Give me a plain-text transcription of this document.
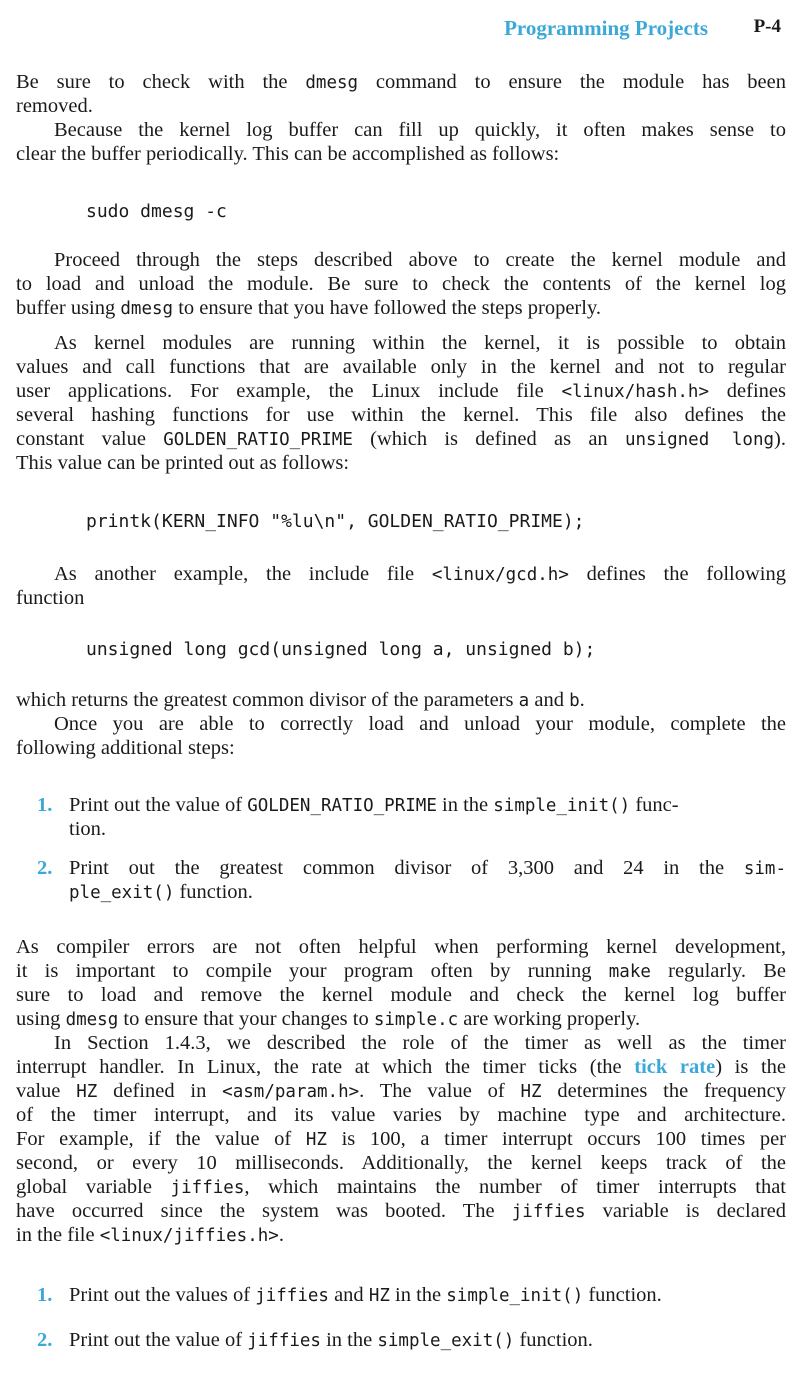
Programming Projects P-4
Be sure to check with the dmesg command to ensure the module has been
removed.
Because the kernel log buffer can fill up quickly, it often makes sense to
clear the buffer periodically. This can be accomplished as follows:
sudo dmesg -c
Proceed through the steps described above to create the kernel module and
to load and unload the module. Be sure to check the contents of the kernel log
buffer using dmesg to ensure that you have followed the steps properly.
As kernel modules are running within the kernel, it is possible to obtain
values and call functions that are available only in the kernel and not to regular
user applications. For example, the Linux include file <linux/hash.h> defines
several hashing functions for use within the kernel. This file also defines the
constant value GOLDEN_RATIO_PRIME (which is defined as an unsigned long).
This value can be printed out as follows:
printk(KERN_INFO "%lu\n", GOLDEN_RATIO_PRIME);
As another example, the include file <linux/gcd.h> defines the following
function
unsigned long gcd(unsigned long a, unsigned b);
which returns the greatest common divisor of the parameters a and b.
Once you are able to correctly load and unload your module, complete the
following additional steps:
1. Print out the value of GOLDEN_RATIO_PRIME in the simple_init() func-
tion.
2. Print out the greatest common divisor of 3,300 and 24 in the sim-
ple_exit() function.
As compiler errors are not often helpful when performing kernel development,
it is important to compile your program often by running make regularly. Be
sure to load and remove the kernel module and check the kernel log buffer
using dmesg to ensure that your changes to simple.c are working properly.
In Section 1.4.3, we described the role of the timer as well as the timer
interrupt handler. In Linux, the rate at which the timer ticks (the tick rate) is the
value HZ defined in <asm/param.h>. The value of HZ determines the frequency
of the timer interrupt, and its value varies by machine type and architecture.
For example, if the value of HZ is 100, a timer interrupt occurs 100 times per
second, or every 10 milliseconds. Additionally, the kernel keeps track of the
global variable jiffies, which maintains the number of timer interrupts that
have occurred since the system was booted. The jiffies variable is declared
in the file <linux/jiffies.h>.
1. Print out the values of jiffies and HZ in the simple_init() function.
2. Print out the value of jiffies in the simple_exit() function.
